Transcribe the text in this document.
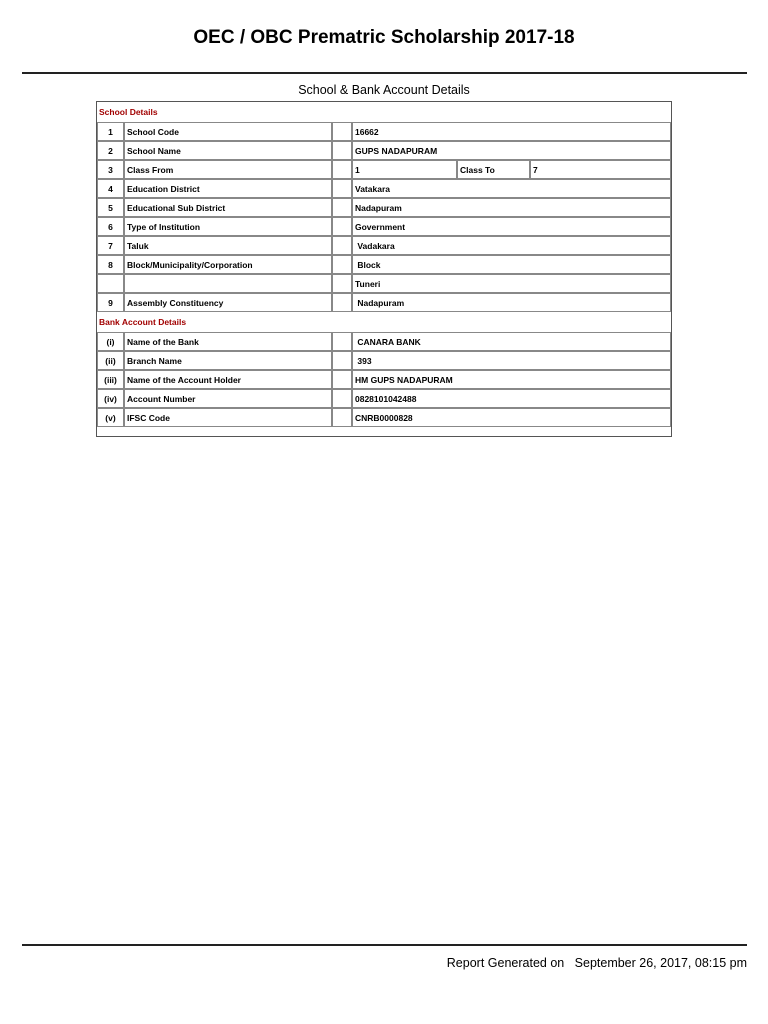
OEC / OBC Prematric Scholarship 2017-18
School & Bank Account Details
School Details					
1	School Code		16662		
2	School Name		GUPS NADAPURAM		
3	Class From		1	Class To	7
4	Education District		Vatakara		
5	Educational Sub District		Nadapuram		
6	Type of Institution		Government		
7	Taluk		Vadakara		
8	Block/Municipality/Corporation		Block		
			Tuneri		
9	Assembly Constituency		Nadapuram		
Bank Account Details					
(i)	Name of the Bank		CANARA BANK		
(ii)	Branch Name		393		
(iii)	Name of the Account Holder		HM GUPS NADAPURAM		
(iv)	Account Number		0828101042488		
(v)	IFSC Code		CNRB0000828		
Report Generated on September 26, 2017, 08:15 pm
